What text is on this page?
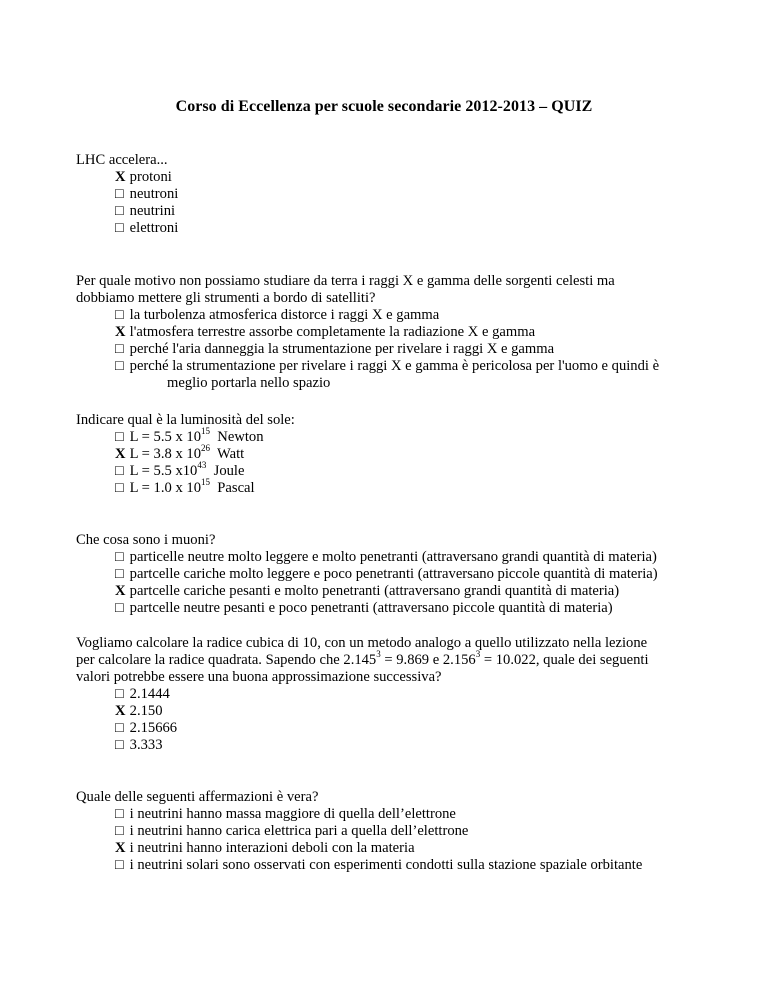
Corso di Eccellenza per scuole secondarie 2012-2013 – QUIZ

LHC accelera...

X protoni
□ neutroni
□ neutrini
□ elettroni

Per quale motivo non possiamo studiare da terra i raggi X e gamma delle sorgenti celesti ma
dobbiamo mettere gli strumenti a bordo di satelliti?

□ la turbolenza atmosferica distorce i raggi X e gamma
X l'atmosfera terrestre assorbe completamente la radiazione X e gamma
□ perché l'aria danneggia la strumentazione per rivelare i raggi X e gamma
□ perché la strumentazione per rivelare i raggi X e gamma è pericolosa per l'uomo e quindi è
meglio portarla nello spazio

Indicare qual è la luminosità del sole:

□ L = 5.5 x $10^{15}$  Newton
X L = 3.8 x $10^{26}$  Watt
□ L = 5.5 $x10^{43}$  Joule
□ L = 1.0 x $10^{15}$  Pascal

Che cosa sono i muoni?

□ particelle neutre molto leggere e molto penetranti (attraversano grandi quantità di materia)
□ partcelle cariche molto leggere e poco penetranti (attraversano piccole quantità di materia)
X partcelle cariche pesanti e molto penetranti (attraversano grandi quantità di materia)
□ partcelle neutre pesanti e poco penetranti (attraversano piccole quantità di materia)

Vogliamo calcolare la radice cubica di 10, con un metodo analogo a quello utilizzato nella lezione
per calcolare la radice quadrata. Sapendo che $2.145^3 = 9.869$ e $2.156^3 = 10.022$, quale dei seguenti
valori potrebbe essere una buona approssimazione successiva?

□ 2.1444
X 2.150
□ 2.15666
□ 3.333

Quale delle seguenti affermazioni è vera?

□ i neutrini hanno massa maggiore di quella dell’elettrone
□ i neutrini hanno carica elettrica pari a quella dell’elettrone
X i neutrini hanno interazioni deboli con la materia
□ i neutrini solari sono osservati con esperimenti condotti sulla stazione spaziale orbitante
